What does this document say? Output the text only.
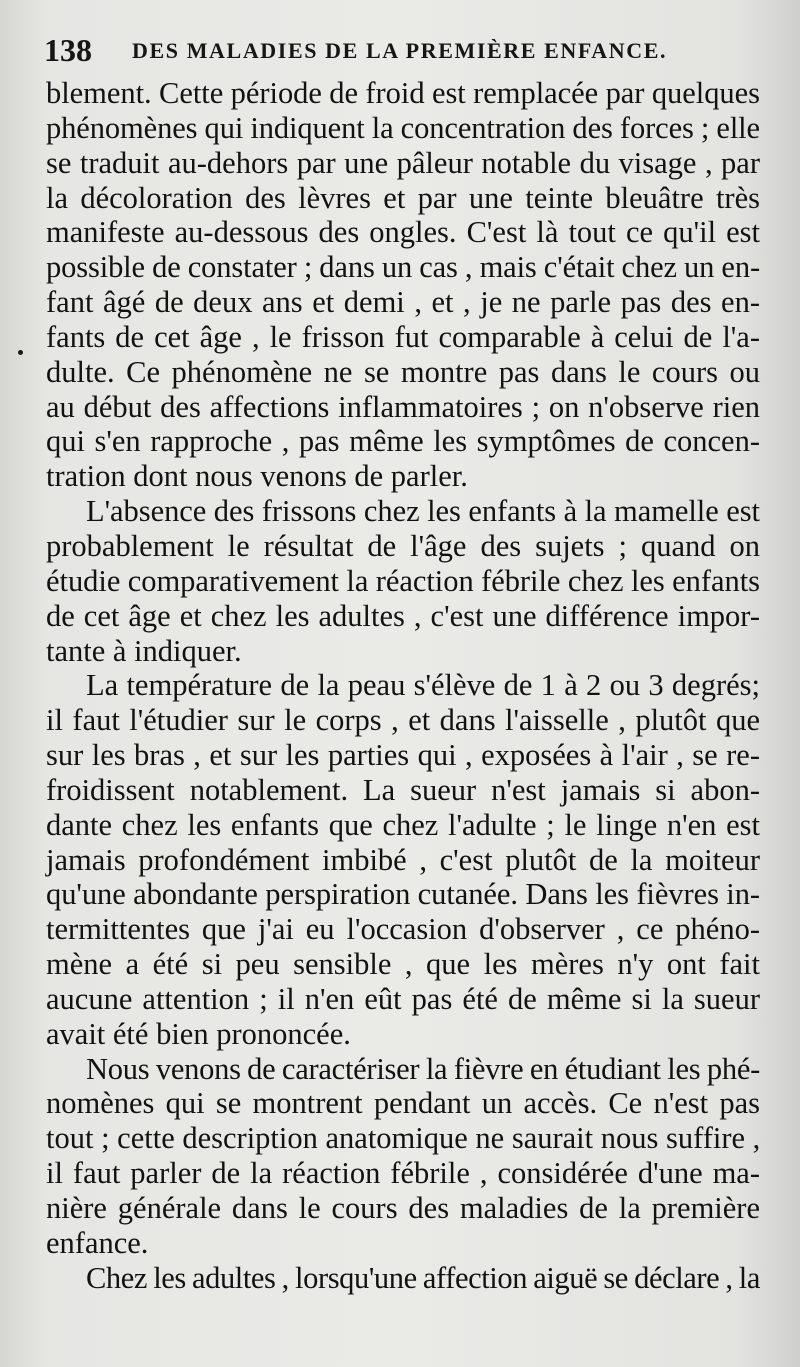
138 DES MALADIES DE LA PREMIÈRE ENFANCE.
blement. Cette période de froid est remplacée par quelques
phénomènes qui indiquent la concentration des forces ; elle
se traduit au-dehors par une pâleur notable du visage , par
la décoloration des lèvres et par une teinte bleuâtre très
manifeste au-dessous des ongles. C'est là tout ce qu'il est
possible de constater ; dans un cas , mais c'était chez un en-
fant âgé de deux ans et demi , et , je ne parle pas des en-
fants de cet âge , le frisson fut comparable à celui de l'a-
dulte. Ce phénomène ne se montre pas dans le cours ou
au début des affections inflammatoires ; on n'observe rien
qui s'en rapproche , pas même les symptômes de concen-
tration dont nous venons de parler.
L'absence des frissons chez les enfants à la mamelle est
probablement le résultat de l'âge des sujets ; quand on
étudie comparativement la réaction fébrile chez les enfants
de cet âge et chez les adultes , c'est une différence impor-
tante à indiquer.
La température de la peau s'élève de 1 à 2 ou 3 degrés;
il faut l'étudier sur le corps , et dans l'aisselle , plutôt que
sur les bras , et sur les parties qui , exposées à l'air , se re-
froidissent notablement. La sueur n'est jamais si abon-
dante chez les enfants que chez l'adulte ; le linge n'en est
jamais profondément imbibé , c'est plutôt de la moiteur
qu'une abondante perspiration cutanée. Dans les fièvres in-
termittentes que j'ai eu l'occasion d'observer , ce phéno-
mène a été si peu sensible , que les mères n'y ont fait
aucune attention ; il n'en eût pas été de même si la sueur
avait été bien prononcée.
Nous venons de caractériser la fièvre en étudiant les phé-
nomènes qui se montrent pendant un accès. Ce n'est pas
tout ; cette description anatomique ne saurait nous suffire ,
il faut parler de la réaction fébrile , considérée d'une ma-
nière générale dans le cours des maladies de la première
enfance.
Chez les adultes , lorsqu'une affection aiguë se déclare , la
